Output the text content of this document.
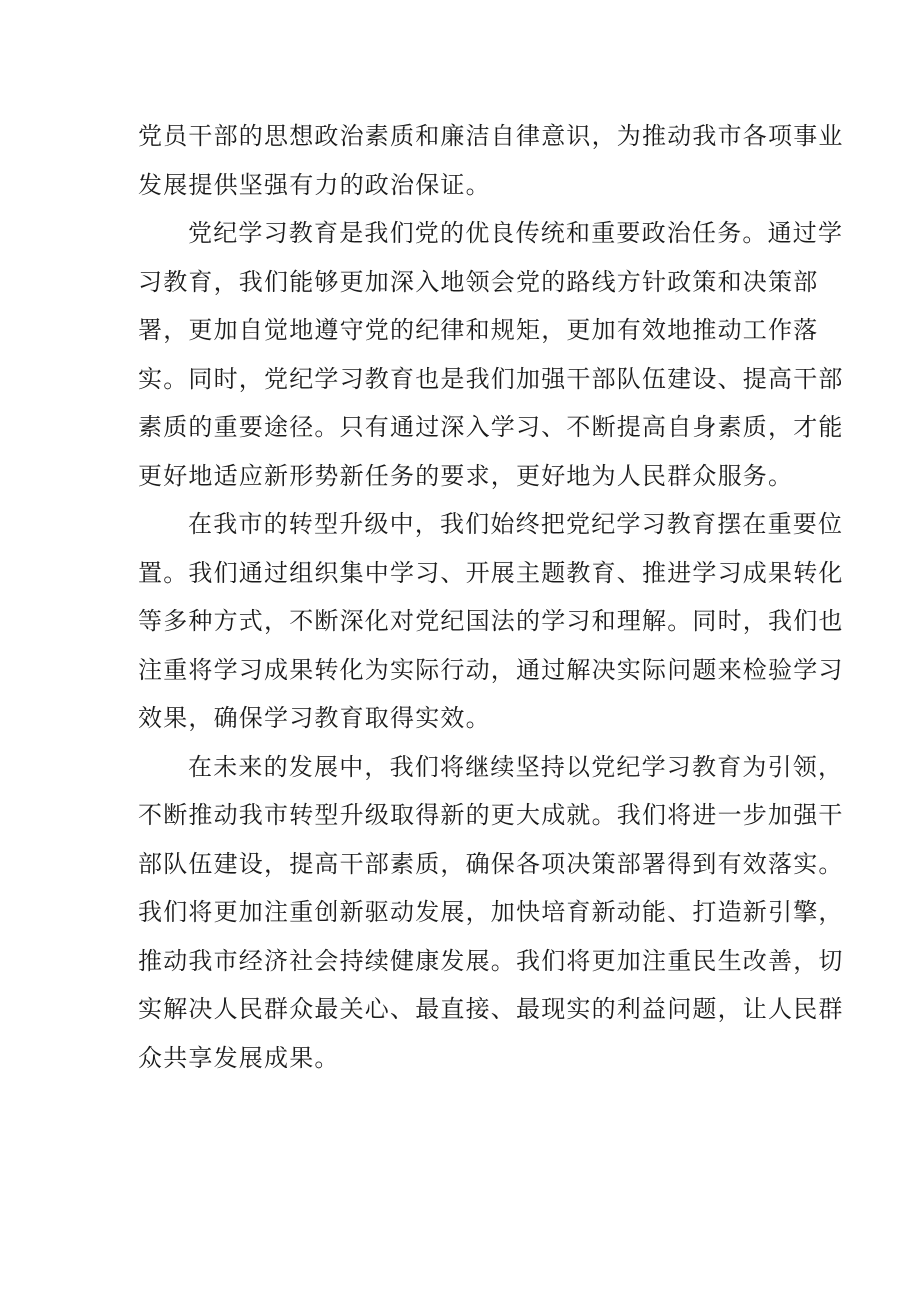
党员干部的思想政治素质和廉洁自律意识，为推动我市各项事业
发展提供坚强有力的政治保证。
党纪学习教育是我们党的优良传统和重要政治任务。通过学
习教育，我们能够更加深入地领会党的路线方针政策和决策部
署，更加自觉地遵守党的纪律和规矩，更加有效地推动工作落
实。同时，党纪学习教育也是我们加强干部队伍建设、提高干部
素质的重要途径。只有通过深入学习、不断提高自身素质，才能
更好地适应新形势新任务的要求，更好地为人民群众服务。
在我市的转型升级中，我们始终把党纪学习教育摆在重要位
置。我们通过组织集中学习、开展主题教育、推进学习成果转化
等多种方式，不断深化对党纪国法的学习和理解。同时，我们也
注重将学习成果转化为实际行动，通过解决实际问题来检验学习
效果，确保学习教育取得实效。
在未来的发展中，我们将继续坚持以党纪学习教育为引领，
不断推动我市转型升级取得新的更大成就。我们将进一步加强干
部队伍建设，提高干部素质，确保各项决策部署得到有效落实。
我们将更加注重创新驱动发展，加快培育新动能、打造新引擎，
推动我市经济社会持续健康发展。我们将更加注重民生改善，切
实解决人民群众最关心、最直接、最现实的利益问题，让人民群
众共享发展成果。
